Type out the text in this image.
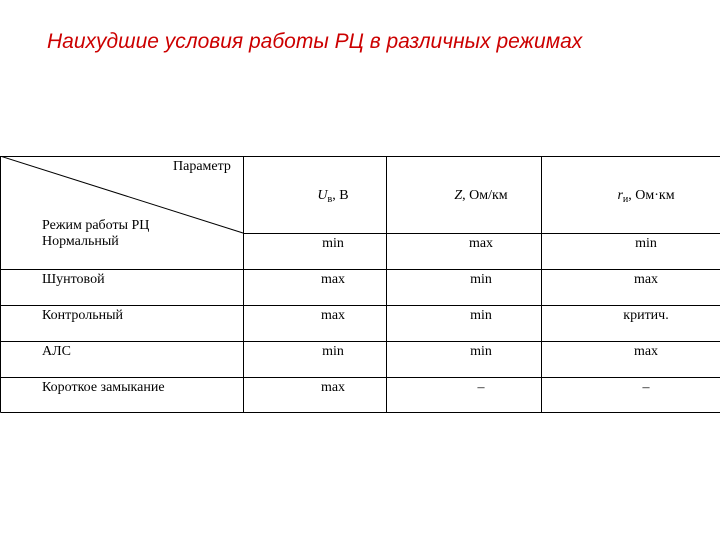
Наихудшие условия работы РЦ в различных режимах
Параметр
Режим работы РЦ
$U_в$, В	Z, Ом/км	$r_и$, Ом·км
Нормальный	min	max	min
Шунтовой	max	min	max
Контрольный	max	min	критич.
АЛС	min	min	max
Короткое замыкание	max	–	–
